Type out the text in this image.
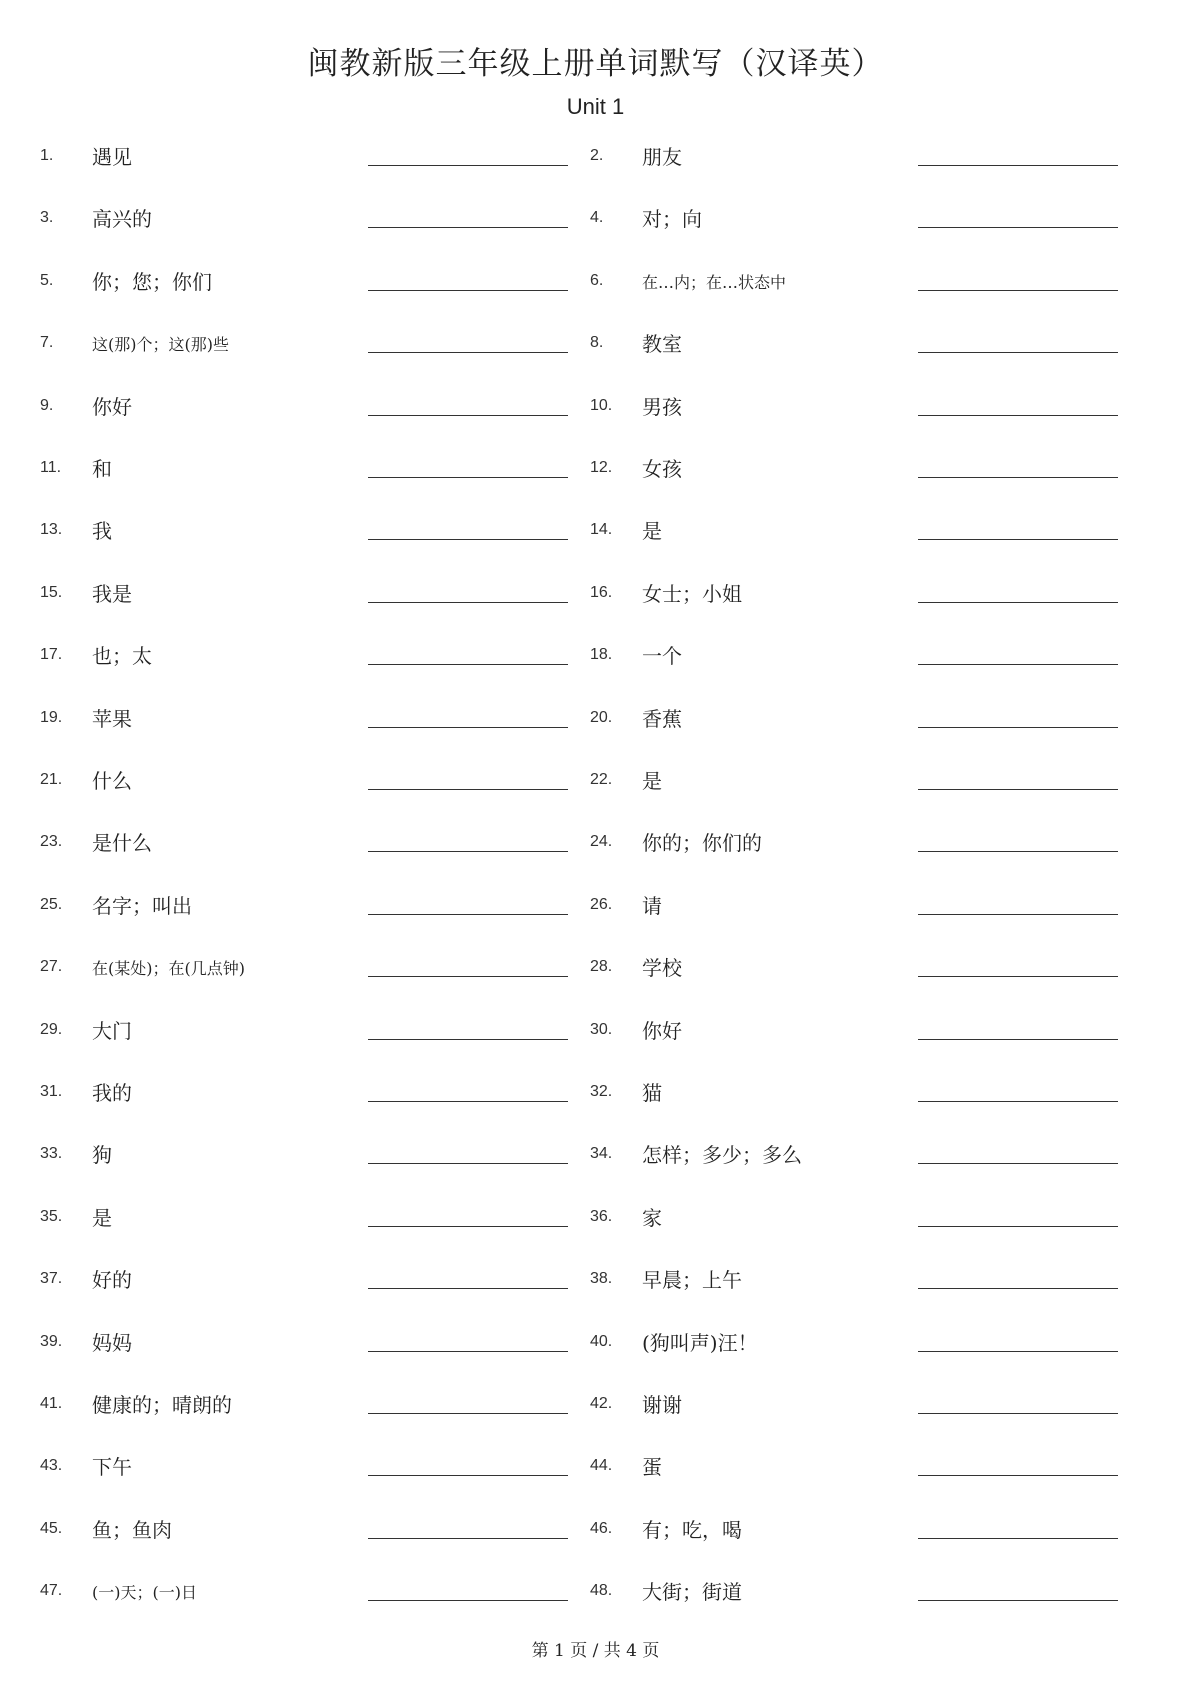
闽教新版三年级上册单词默写（汉译英）
Unit 1
1. 遇见	2. 朋友
3. 高兴的	4. 对；向
5. 你；您；你们	6. 在…内；在…状态中
7. 这(那)个；这(那)些	8. 教室
9. 你好	10. 男孩
11. 和	12. 女孩
13. 我	14. 是
15. 我是	16. 女士；小姐
17. 也；太	18. 一个
19. 苹果	20. 香蕉
21. 什么	22. 是
23. 是什么	24. 你的；你们的
25. 名字；叫出	26. 请
27. 在(某处)；在(几点钟)	28. 学校
29. 大门	30. 你好
31. 我的	32. 猫
33. 狗	34. 怎样；多少；多么
35. 是	36. 家
37. 好的	38. 早晨；上午
39. 妈妈	40. (狗叫声)汪！
41. 健康的；晴朗的	42. 谢谢
43. 下午	44. 蛋
45. 鱼；鱼肉	46. 有；吃，喝
47. (一)天；(一)日	48. 大街；街道
第 1 页 / 共 4 页
